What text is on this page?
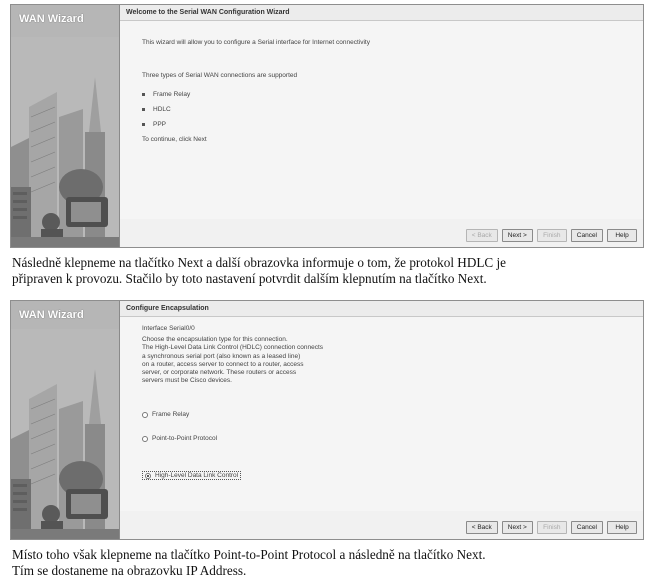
WAN Wizard
Welcome to the Serial WAN Configuration Wizard
This wizard will allow you to configure a Serial interface for Internet connectivity
Three types of Serial WAN connections are supported
Frame Relay
HDLC
PPP
To continue, click Next
< Back	Next >	Finish	Cancel	Help
Následně klepneme na tlačítko Next a další obrazovka informuje o tom, že protokol HDLC je
připraven k provozu. Stačilo by toto nastavení potvrdit dalším klepnutím na tlačítko Next.
WAN Wizard
Configure Encapsulation
Interface Serial0/0
Choose the encapsulation type for this connection.
The High-Level Data Link Control (HDLC) connection connects
a synchronous serial port (also known as a leased line)
on a router, access server to connect to a router, access
server, or corporate network. These routers or access
servers must be Cisco devices.
Frame Relay
Point-to-Point Protocol
High-Level Data Link Control
< Back	Next >	Finish	Cancel	Help
Místo toho však klepneme na tlačítko Point-to-Point Protocol a následně na tlačítko Next.
Tím se dostaneme na obrazovku IP Address.
